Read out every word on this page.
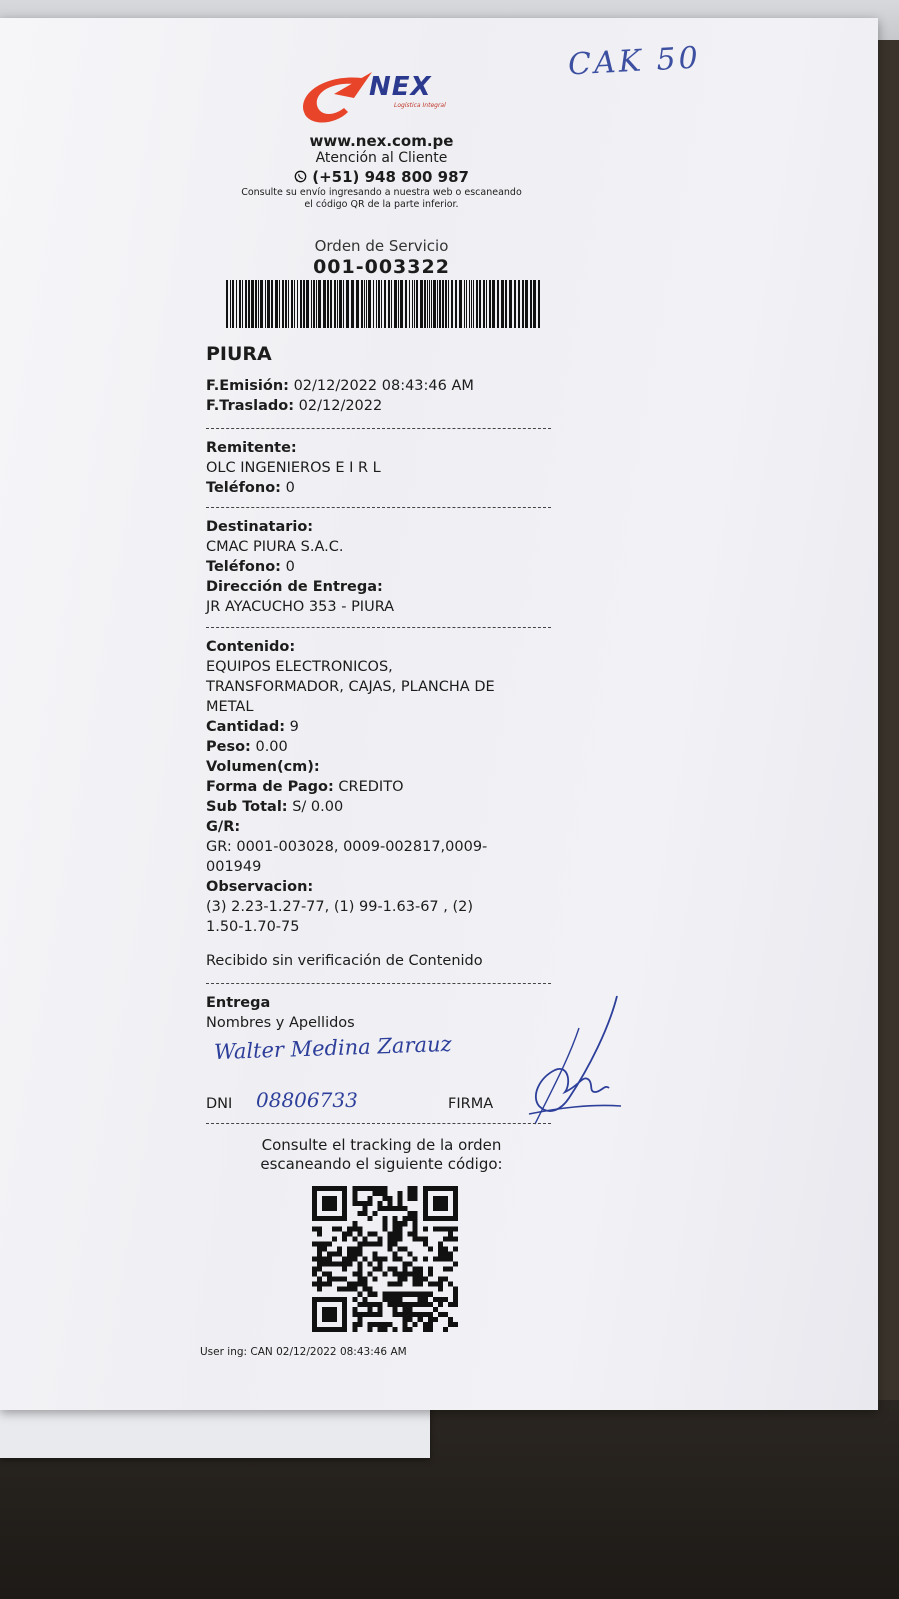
CAK 50
NEX
Logística Integral
www.nex.com.pe
Atención al Cliente
(+51) 948 800 987
Consulte su envío ingresando a nuestra web o escaneando
el código QR de la parte inferior.
Orden de Servicio
001-003322
PIURA
F.Emisión: 02/12/2022 08:43:46 AM
F.Traslado: 02/12/2022
Remitente:
OLC INGENIEROS E I R L
Teléfono: 0
Destinatario:
CMAC PIURA S.A.C.
Teléfono: 0
Dirección de Entrega:
JR AYACUCHO 353 - PIURA
Contenido:
EQUIPOS ELECTRONICOS,
TRANSFORMADOR, CAJAS, PLANCHA DE
METAL
Cantidad: 9
Peso: 0.00
Volumen(cm):
Forma de Pago: CREDITO
Sub Total: S/ 0.00
G/R:
GR: 0001-003028, 0009-002817,0009-
001949
Observacion:
(3) 2.23-1.27-77, (1) 99-1.63-67 , (2)
1.50-1.70-75
Recibido sin verificación de Contenido
Entrega
Nombres y Apellidos
Walter Medina Zarauz
DNI 08806733	FIRMA
Consulte el tracking de la orden
escaneando el siguiente código:
User ing: CAN 02/12/2022 08:43:46 AM
